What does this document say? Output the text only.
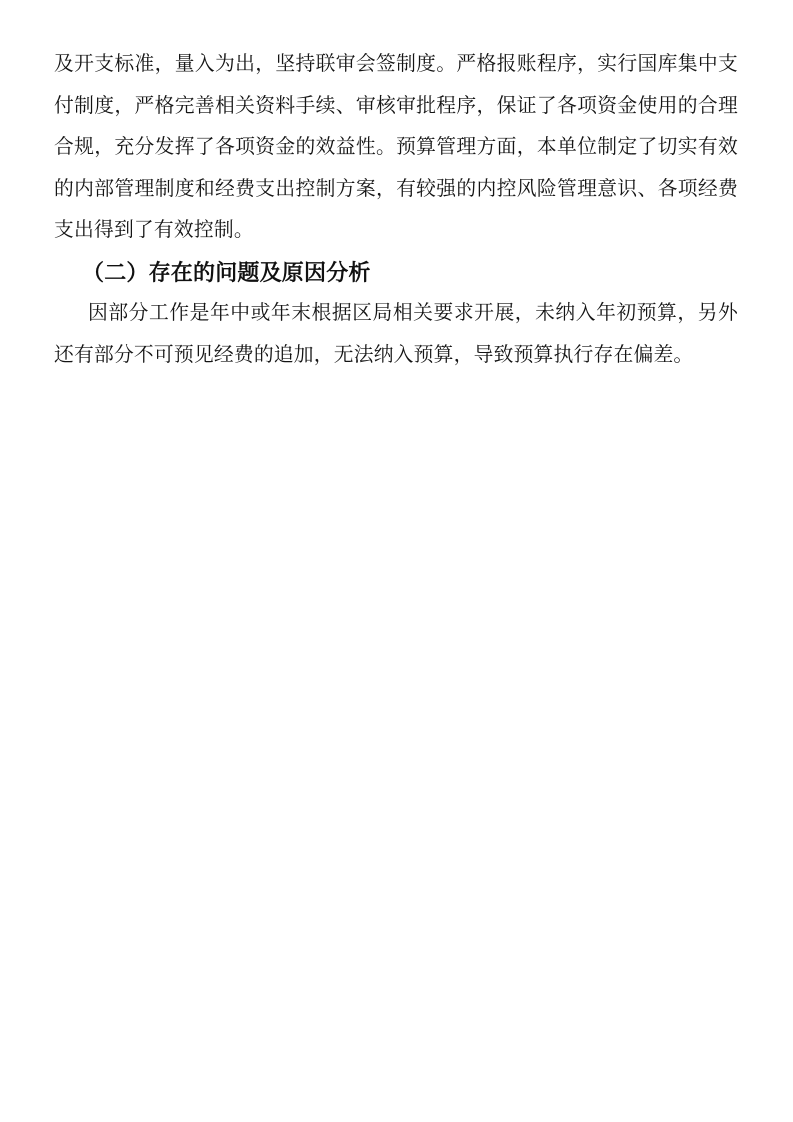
及开支标准，量入为出，坚持联审会签制度。严格报账程序，实行国库集中支

付制度，严格完善相关资料手续、审核审批程序，保证了各项资金使用的合理

合规，充分发挥了各项资金的效益性。预算管理方面，本单位制定了切实有效

的内部管理制度和经费支出控制方案，有较强的内控风险管理意识、各项经费

支出得到了有效控制。

（二）存在的问题及原因分析

因部分工作是年中或年末根据区局相关要求开展，未纳入年初预算，另外

还有部分不可预见经费的追加，无法纳入预算，导致预算执行存在偏差。
